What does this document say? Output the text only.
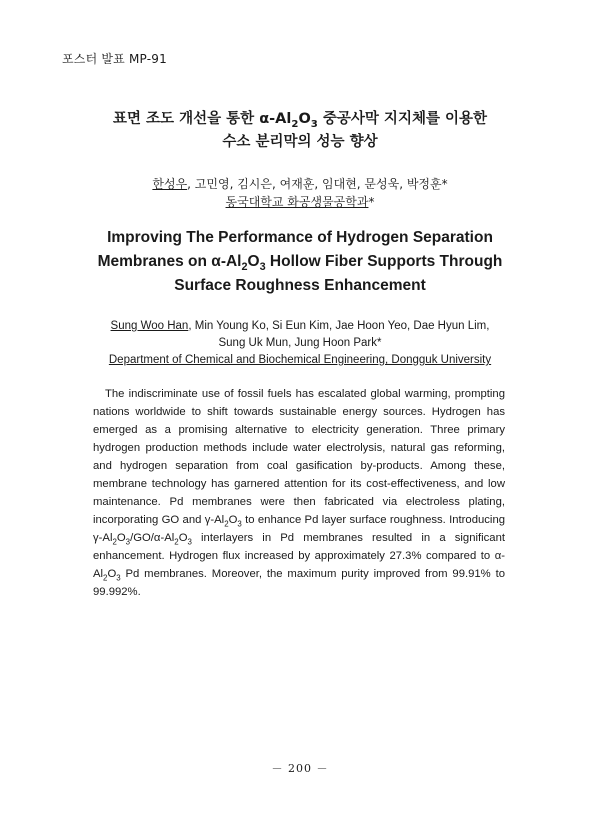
포스터 발표 MP-91
표면 조도 개선을 통한 $\alpha-Al_2O_3$ 중공사막 지지체를 이용한
수소 분리막의 성능 향상
한성우, 고민영, 김시은, 여재훈, 임대현, 문성욱, 박정훈*
동국대학교 화공생물공학과*
Improving The Performance of Hydrogen Separation
Membranes on $\alpha-Al_2O_3$ Hollow Fiber Supports Through
Surface Roughness Enhancement
Sung Woo Han, Min Young Ko, Si Eun Kim, Jae Hoon Yeo, Dae Hyun Lim,
Sung Uk Mun, Jung Hoon Park*
Department of Chemical and Biochemical Engineering, Dongguk University

The indiscriminate use of fossil fuels has escalated global warming, prompting nations worldwide to shift towards sustainable energy sources. Hydrogen has emerged as a promising alternative to electricity generation. Three primary hydrogen production methods include water electrolysis, natural gas reforming, and hydrogen separation from coal gasification by-products. Among these, membrane technology has garnered attention for its cost-effectiveness, and low maintenance. Pd membranes were then fabricated via electroless plating, incorporating GO and $\gamma-Al_2O_3$ to enhance Pd layer surface roughness. Introducing $\gamma-Al_2O_3/GO/\alpha-Al_2O_3$ interlayers in Pd membranes resulted in a significant enhancement. Hydrogen flux increased by approximately 27.3% compared to $\alpha-Al_2O_3$ Pd membranes. Moreover, the maximum purity improved from 99.91% to 99.992%.

－ 200 －
